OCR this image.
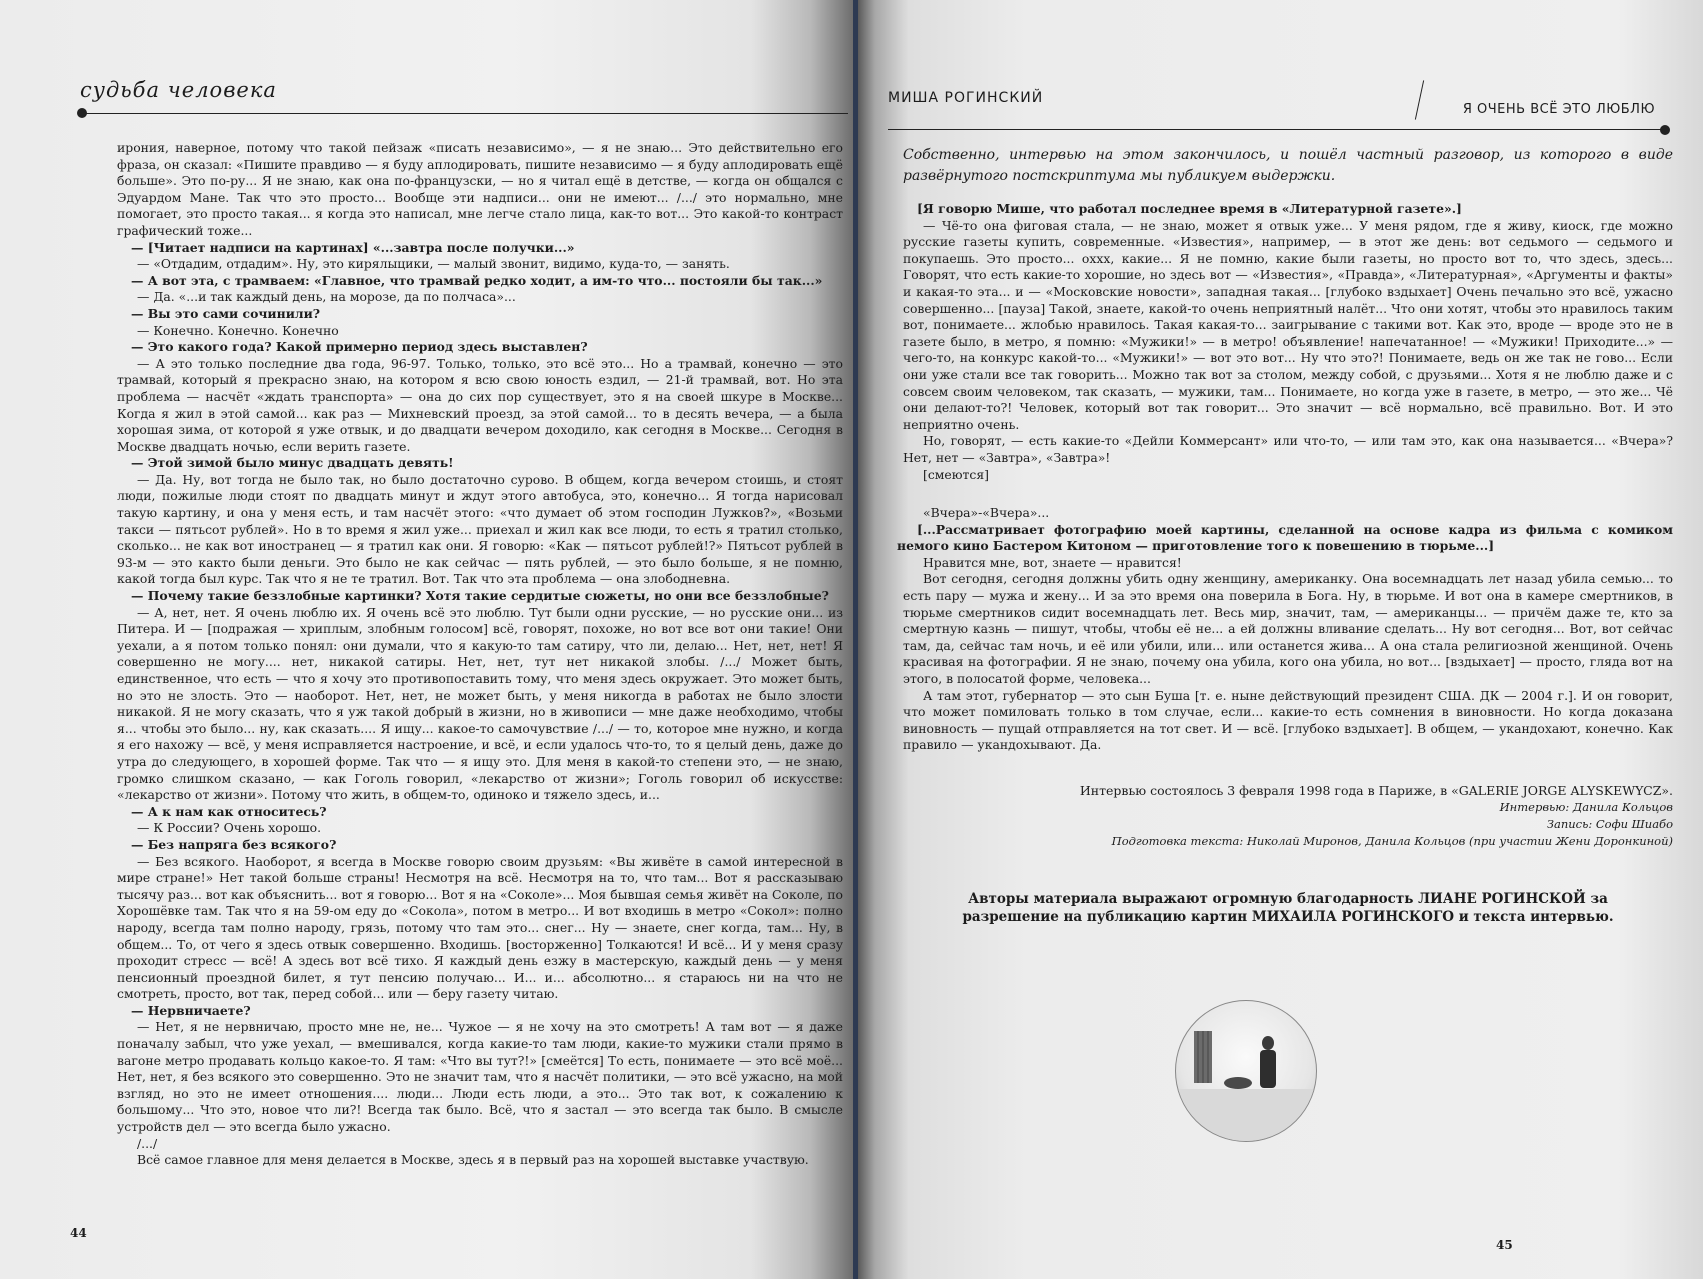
судьба человека

ирония, наверное, потому что такой пейзаж «писать независимо», — я не знаю... Это действительно его фраза, он сказал: «Пишите правдиво — я буду аплодировать, пишите независимо — я буду аплодировать ещё больше». Это по-ру... Я не знаю, как она по-французски, — но я читал ещё в детстве, — когда он общался с Эдуардом Мане. Так что это просто... Вообще эти надписи... они не имеют... /.../ это нормально, мне помогает, это просто такая... я когда это написал, мне легче стало лица, как-то вот... Это какой-то контраст графический тоже...

— [Читает надписи на картинах] «...завтра после получки...»

— «Отдадим, отдадим». Ну, это кирялыцики, — малый звонит, видимо, куда-то, — занять.

— А вот эта, с трамваем: «Главное, что трамвай редко ходит, а им-то что... постояли бы так...»

— Да. «...и так каждый день, на морозе, да по полчаса»...

— Вы это сами сочинили?

— Конечно. Конечно. Конечно

— Это какого года? Какой примерно период здесь выставлен?

— А это только последние два года, 96-97. Только, только, это всё это... Но а трамвай, конечно — это трамвай, который я прекрасно знаю, на котором я всю свою юность ездил, — 21-й трамвай, вот. Но эта проблема — насчёт «ждать транспорта» — она до сих пор существует, это я на своей шкуре в Москве... Когда я жил в этой самой... как раз — Михневский проезд, за этой самой... то в десять вечера, — а была хорошая зима, от которой я уже отвык, и до двадцати вечером доходило, как сегодня в Москве... Сегодня в Москве двадцать ночью, если верить газете.

— Этой зимой было минус двадцать девять!

— Да. Ну, вот тогда не было так, но было достаточно сурово. В общем, когда вечером стоишь, и стоят люди, пожилые люди стоят по двадцать минут и ждут этого автобуса, это, конечно... Я тогда нарисовал такую картину, и она у меня есть, и там насчёт этого: «что думает об этом господин Лужков?», «Возьми такси — пятьсот рублей». Но в то время я жил уже... приехал и жил как все люди, то есть я тратил столько, сколько... не как вот иностранец — я тратил как они. Я говорю: «Как — пятьсот рублей!?» Пятьсот рублей в 93-м — это както были деньги. Это было не как сейчас — пять рублей, — это было больше, я не помню, какой тогда был курс. Так что я не те тратил. Вот. Так что эта проблема — она злободневна.

— Почему такие беззлобные картинки? Хотя такие сердитые сюжеты, но они все беззлобные?

— А, нет, нет. Я очень люблю их. Я очень всё это люблю. Тут были одни русские, — но русские они... из Питера. И — [подражая — хриплым, злобным голосом] всё, говорят, похоже, но вот все вот они такие! Они уехали, а я потом только понял: они думали, что я какую-то там сатиру, что ли, делаю... Нет, нет, нет! Я совершенно не могу.... нет, никакой сатиры. Нет, нет, тут нет никакой злобы. /.../ Может быть, единственное, что есть — что я хочу это противопоставить тому, что меня здесь окружает. Это может быть, но это не злость. Это — наоборот. Нет, нет, не может быть, у меня никогда в работах не было злости никакой. Я не могу сказать, что я уж такой добрый в жизни, но в живописи — мне даже необходимо, чтобы я... чтобы это было... ну, как сказать.... Я ищу... какое-то самочувствие /.../ — то, которое мне нужно, и когда я его нахожу — всё, у меня исправляется настроение, и всё, и если удалось что-то, то я целый день, даже до утра до следующего, в хорошей форме. Так что — я ищу это. Для меня в какой-то степени это, — не знаю, громко слишком сказано, — как Гоголь говорил, «лекарство от жизни»; Гоголь говорил об искусстве: «лекарство от жизни». Потому что жить, в общем-то, одиноко и тяжело здесь, и...

— А к нам как относитесь?

— К России? Очень хорошо.

— Без напряга без всякого?

— Без всякого. Наоборот, я всегда в Москве говорю своим друзьям: «Вы живёте в самой интересной в мире стране!» Нет такой больше страны! Несмотря на всё. Несмотря на то, что там... Вот я рассказываю тысячу раз... вот как объяснить... вот я говорю... Вот я на «Соколе»... Моя бывшая семья живёт на Соколе, по Хорошёвке там. Так что я на 59-ом еду до «Сокола», потом в метро... И вот входишь в метро «Сокол»: полно народу, всегда там полно народу, грязь, потому что там это... снег... Ну — знаете, снег когда, там... Ну, в общем... То, от чего я здесь отвык совершенно. Входишь. [восторженно] Толкаются! И всё... И у меня сразу проходит стресс — всё! А здесь вот всё тихо. Я каждый день езжу в мастерскую, каждый день — у меня пенсионный проездной билет, я тут пенсию получаю... И... и... абсолютно... я стараюсь ни на что не смотреть, просто, вот так, перед собой... или — беру газету читаю.

— Нервничаете?

— Нет, я не нервничаю, просто мне не, не... Чужое — я не хочу на это смотреть! А там вот — я даже поначалу забыл, что уже уехал, — вмешивался, когда какие-то там люди, какие-то мужики стали прямо в вагоне метро продавать кольцо какое-то. Я там: «Что вы тут?!» [смеётся] То есть, понимаете — это всё моё... Нет, нет, я без всякого это совершенно. Это не значит там, что я насчёт политики, — это всё ужасно, на мой взгляд, но это не имеет отношения.... люди... Люди есть люди, а это... Это так вот, к сожалению к большому... Что это, новое что ли?! Всегда так было. Всё, что я застал — это всегда так было. В смысле устройств дел — это всегда было ужасно.

/.../

Всё самое главное для меня делается в Москве, здесь я в первый раз на хорошей выставке участвую.

44
МИША РОГИНСКИЙ
Я ОЧЕНЬ ВСЁ ЭТО ЛЮБЛЮ

Собственно, интервью на этом закончилось, и пошёл частный разговор, из которого в виде развёрнутого постскриптума мы публикуем выдержки.

[Я говорю Мише, что работал последнее время в «Литературной газете».]

— Чё-то она фиговая стала, — не знаю, может я отвык уже... У меня рядом, где я живу, киоск, где можно русские газеты купить, современные. «Известия», например, — в этот же день: вот седьмого — седьмого и покупаешь. Это просто... оххх, какие... Я не помню, какие были газеты, но просто вот то, что здесь, здесь... Говорят, что есть какие-то хорошие, но здесь вот — «Известия», «Правда», «Литературная», «Аргументы и факты» и какая-то эта... и — «Московские новости», западная такая... [глубоко вздыхает] Очень печально это всё, ужасно совершенно... [пауза] Такой, знаете, какой-то очень неприятный налёт... Что они хотят, чтобы это нравилось таким вот, понимаете... жлобью нравилось. Такая какая-то... заигрывание с такими вот. Как это, вроде — вроде это не в газете было, в метро, я помню: «Мужики!» — в метро! объявление! напечатанное! — «Мужики! Приходите...» — чего-то, на конкурс какой-то... «Мужики!» — вот это вот... Ну что это?! Понимаете, ведь он же так не гово... Если они уже стали все так говорить... Можно так вот за столом, между собой, с друзьями... Хотя я не люблю даже и с совсем своим человеком, так сказать, — мужики, там... Понимаете, но когда уже в газете, в метро, — это же... Чё они делают-то?! Человек, который вот так говорит... Это значит — всё нормально, всё правильно. Вот. И это неприятно очень.

Но, говорят, — есть какие-то «Дейли Коммерсант» или что-то, — или там это, как она называется... «Вчера»? Нет, нет — «Завтра», «Завтра»!

[смеются]

«Вчера»-«Вчера»...

[...Рассматривает фотографию моей картины, сделанной на основе кадра из фильма с комиком немого кино Бастером Китоном — приготовление того к повешению в тюрьме...]

Нравится мне, вот, знаете — нравится!

Вот сегодня, сегодня должны убить одну женщину, американку. Она восемнадцать лет назад убила семью... то есть пару — мужа и жену... И за это время она поверила в Бога. Ну, в тюрьме. И вот она в камере смертников, в тюрьме смертников сидит восемнадцать лет. Весь мир, значит, там, — американцы... — причём даже те, кто за смертную казнь — пишут, чтобы, чтобы её не... а ей должны вливание сделать... Ну вот сегодня... Вот, вот сейчас там, да, сейчас там ночь, и её или убили, или... или останется жива... А она стала религиозной женщиной. Очень красивая на фотографии. Я не знаю, почему она убила, кого она убила, но вот... [вздыхает] — просто, гляда вот на этого, в полосатой форме, человека...

А там этот, губернатор — это сын Буша [т. е. ныне действующий президент США. ДК — 2004 г.]. И он говорит, что может помиловать только в том случае, если... какие-то есть сомнения в виновности. Но когда доказана виновность — пущай отправляется на тот свет. И — всё. [глубоко вздыхает]. В общем, — укандохают, конечно. Как правило — укандохывают. Да.

Интервью состоялось 3 февраля 1998 года в Париже, в «GALERIE JORGE ALYSKEWYCZ».
Интервью: Данила Кольцов
Запись: Софи Шиабо
Подготовка текста: Николай Миронов, Данила Кольцов (при участии Жени Доронкиной)
Авторы материала выражают огромную благодарность ЛИАНЕ РОГИНСКОЙ за разрешение на публикацию картин МИХАИЛА РОГИНСКОГО и текста интервью.
45
